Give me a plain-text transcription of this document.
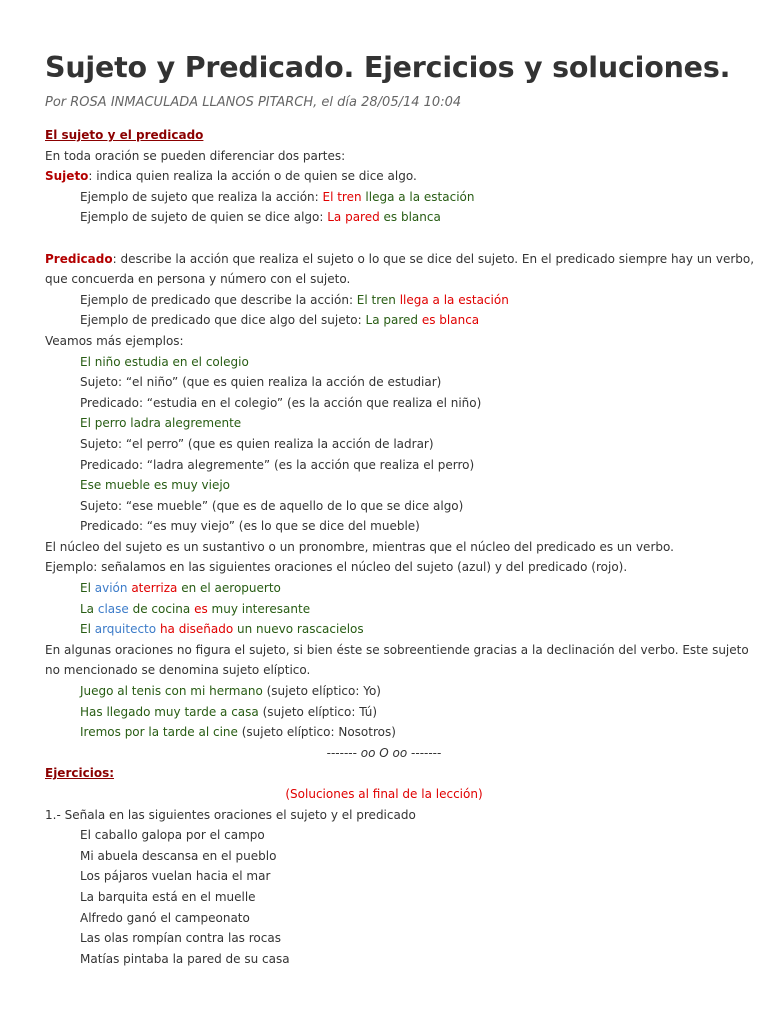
Sujeto y Predicado. Ejercicios y soluciones.
Por ROSA INMACULADA LLANOS PITARCH, el día 28/05/14 10:04
El sujeto y el predicado
En toda oración se pueden diferenciar dos partes:
Sujeto: indica quien realiza la acción o de quien se dice algo.
Ejemplo de sujeto que realiza la acción: El tren llega a la estación
Ejemplo de sujeto de quien se dice algo: La pared es blanca
Predicado: describe la acción que realiza el sujeto o lo que se dice del sujeto. En el predicado siempre hay un verbo,
que concuerda en persona y número con el sujeto.
Ejemplo de predicado que describe la acción: El tren llega a la estación
Ejemplo de predicado que dice algo del sujeto: La pared es blanca
Veamos más ejemplos:
El niño estudia en el colegio
Sujeto: “el niño” (que es quien realiza la acción de estudiar)
Predicado: “estudia en el colegio” (es la acción que realiza el niño)
El perro ladra alegremente
Sujeto: “el perro” (que es quien realiza la acción de ladrar)
Predicado: “ladra alegremente” (es la acción que realiza el perro)
Ese mueble es muy viejo
Sujeto: “ese mueble” (que es de aquello de lo que se dice algo)
Predicado: “es muy viejo” (es lo que se dice del mueble)
El núcleo del sujeto es un sustantivo o un pronombre, mientras que el núcleo del predicado es un verbo.
Ejemplo: señalamos en las siguientes oraciones el núcleo del sujeto (azul) y del predicado (rojo).
El avión aterriza en el aeropuerto
La clase de cocina es muy interesante
El arquitecto ha diseñado un nuevo rascacielos
En algunas oraciones no figura el sujeto, si bien éste se sobreentiende gracias a la declinación del verbo. Este sujeto
no mencionado se denomina sujeto elíptico.
Juego al tenis con mi hermano (sujeto elíptico: Yo)
Has llegado muy tarde a casa (sujeto elíptico: Tú)
Iremos por la tarde al cine (sujeto elíptico: Nosotros)
------- oo O oo -------
Ejercicios:
(Soluciones al final de la lección)
1.- Señala en las siguientes oraciones el sujeto y el predicado
El caballo galopa por el campo
Mi abuela descansa en el pueblo
Los pájaros vuelan hacia el mar
La barquita está en el muelle
Alfredo ganó el campeonato
Las olas rompían contra las rocas
Matías pintaba la pared de su casa
